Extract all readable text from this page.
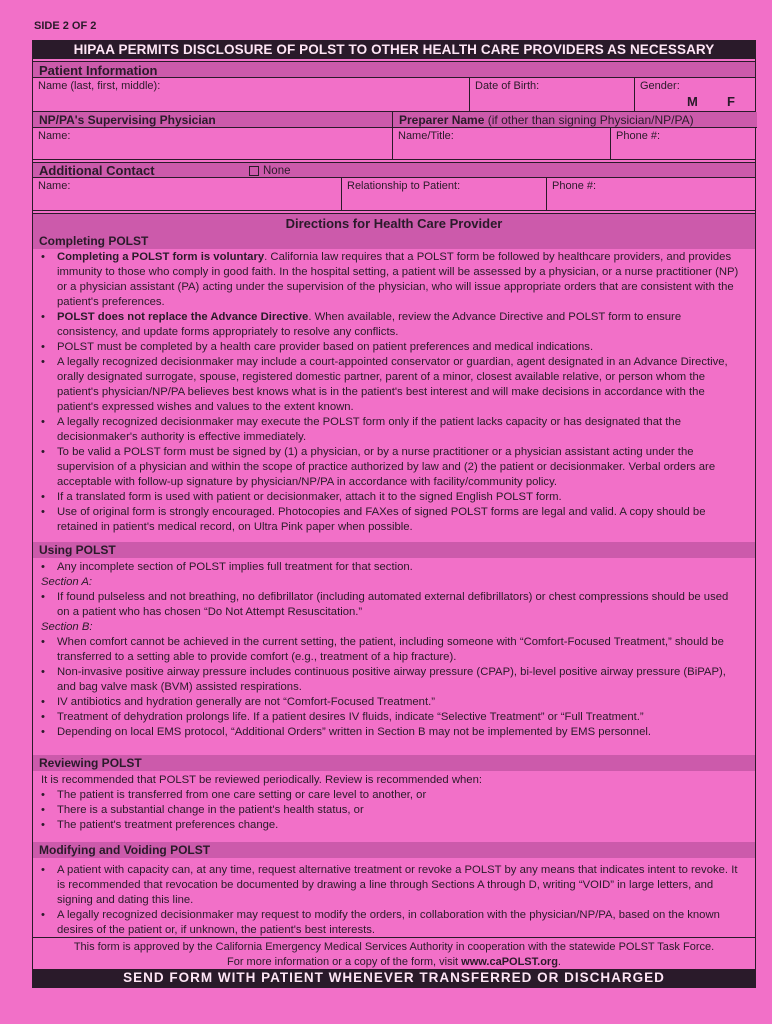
SIDE 2 OF 2
HIPAA PERMITS DISCLOSURE OF POLST TO OTHER HEALTH CARE PROVIDERS AS NECESSARY
Patient Information
Name (last, first, middle):	Date of Birth:	Gender:
M F
NP/PA's Supervising Physician	Preparer Name (if other than signing Physician/NP/PA)
Name:	Name/Title:	Phone #:
Additional Contact	None
Name:	Relationship to Patient:	Phone #:
Directions for Health Care Provider
Completing POLST

• Completing a POLST form is voluntary. California law requires that a POLST form be followed by healthcare providers, and provides immunity to those who comply in good faith. In the hospital setting, a patient will be assessed by a physician, or a nurse practitioner (NP) or a physician assistant (PA) acting under the supervision of the physician, who will issue appropriate orders that are consistent with the patient's preferences.

• POLST does not replace the Advance Directive. When available, review the Advance Directive and POLST form to ensure consistency, and update forms appropriately to resolve any conflicts.

• POLST must be completed by a health care provider based on patient preferences and medical indications.

• A legally recognized decisionmaker may include a court-appointed conservator or guardian, agent designated in an Advance Directive, orally designated surrogate, spouse, registered domestic partner, parent of a minor, closest available relative, or person whom the patient's physician/NP/PA believes best knows what is in the patient's best interest and will make decisions in accordance with the patient's expressed wishes and values to the extent known.

• A legally recognized decisionmaker may execute the POLST form only if the patient lacks capacity or has designated that the decisionmaker's authority is effective immediately.

• To be valid a POLST form must be signed by (1) a physician, or by a nurse practitioner or a physician assistant acting under the supervision of a physician and within the scope of practice authorized by law and (2) the patient or decisionmaker. Verbal orders are acceptable with follow-up signature by physician/NP/PA in accordance with facility/community policy.

• If a translated form is used with patient or decisionmaker, attach it to the signed English POLST form.

• Use of original form is strongly encouraged. Photocopies and FAXes of signed POLST forms are legal and valid. A copy should be retained in patient's medical record, on Ultra Pink paper when possible.

Using POLST

• Any incomplete section of POLST implies full treatment for that section.

Section A:

• If found pulseless and not breathing, no defibrillator (including automated external defibrillators) or chest compressions should be used on a patient who has chosen “Do Not Attempt Resuscitation.”

Section B:

• When comfort cannot be achieved in the current setting, the patient, including someone with “Comfort-Focused Treatment,” should be transferred to a setting able to provide comfort (e.g., treatment of a hip fracture).

• Non-invasive positive airway pressure includes continuous positive airway pressure (CPAP), bi-level positive airway pressure (BiPAP), and bag valve mask (BVM) assisted respirations.

• IV antibiotics and hydration generally are not “Comfort-Focused Treatment.”

• Treatment of dehydration prolongs life. If a patient desires IV fluids, indicate “Selective Treatment” or “Full Treatment.”

• Depending on local EMS protocol, “Additional Orders” written in Section B may not be implemented by EMS personnel.

Reviewing POLST

It is recommended that POLST be reviewed periodically. Review is recommended when:

• The patient is transferred from one care setting or care level to another, or

• There is a substantial change in the patient's health status, or

• The patient's treatment preferences change.

Modifying and Voiding POLST

• A patient with capacity can, at any time, request alternative treatment or revoke a POLST by any means that indicates intent to revoke. It is recommended that revocation be documented by drawing a line through Sections A through D, writing “VOID” in large letters, and signing and dating this line.

• A legally recognized decisionmaker may request to modify the orders, in collaboration with the physician/NP/PA, based on the known desires of the patient or, if unknown, the patient's best interests.

This form is approved by the California Emergency Medical Services Authority in cooperation with the statewide POLST Task Force.
For more information or a copy of the form, visit www.caPOLST.org.
SEND FORM WITH PATIENT WHENEVER TRANSFERRED OR DISCHARGED
